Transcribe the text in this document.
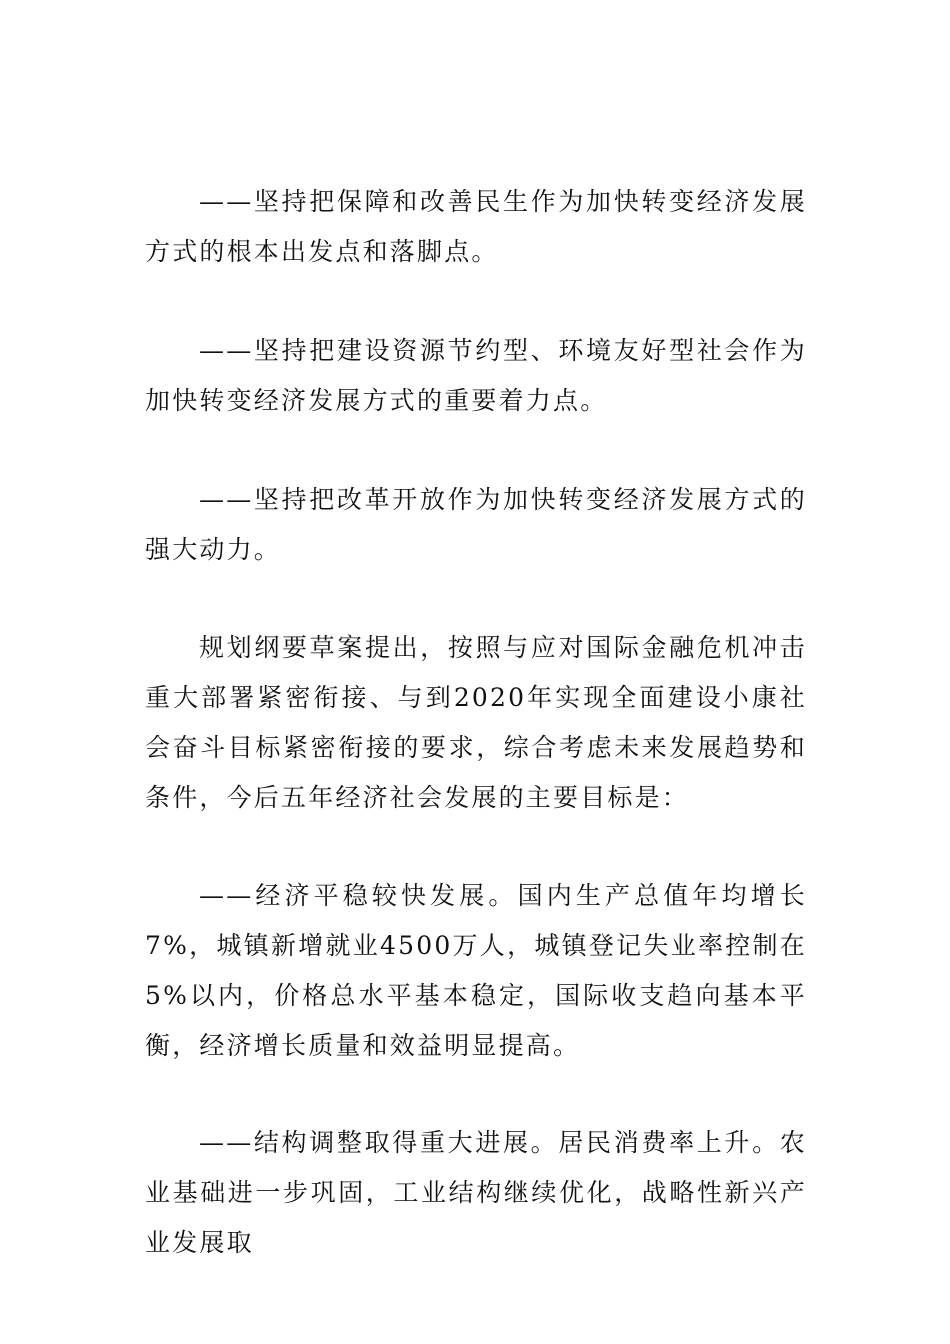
——坚持把保障和改善民生作为加快转变经济发展方式的根本出发点和落脚点。

——坚持把建设资源节约型、环境友好型社会作为加快转变经济发展方式的重要着力点。

——坚持把改革开放作为加快转变经济发展方式的强大动力。

规划纲要草案提出，按照与应对国际金融危机冲击重大部署紧密衔接、与到2020年实现全面建设小康社会奋斗目标紧密衔接的要求，综合考虑未来发展趋势和条件，今后五年经济社会发展的主要目标是：

——经济平稳较快发展。国内生产总值年均增长7%，城镇新增就业4500万人，城镇登记失业率控制在5%以内，价格总水平基本稳定，国际收支趋向基本平衡，经济增长质量和效益明显提高。

——结构调整取得重大进展。居民消费率上升。农业基础进一步巩固，工业结构继续优化，战略性新兴产业发展取
